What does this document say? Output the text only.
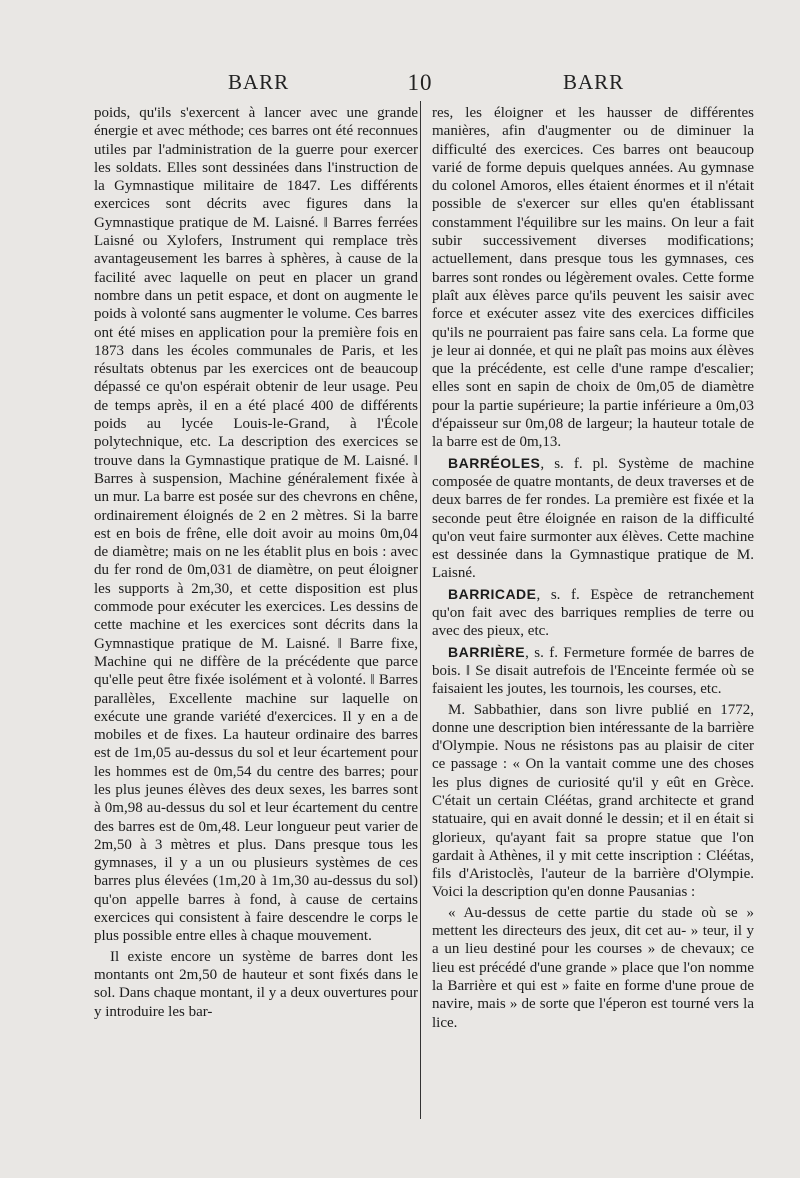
BARR	10	BARR

poids, qu'ils s'exercent à lancer avec une grande énergie et avec méthode; ces barres ont été reconnues utiles par l'administration de la guerre pour exercer les soldats. Elles sont dessinées dans l'instruction de la Gymnastique militaire de 1847. Les différents exercices sont décrits avec figures dans la Gymnastique pratique de M. Laisné. ‖ Barres ferrées Laisné ou Xylofers, Instrument qui remplace très avantageusement les barres à sphères, à cause de la facilité avec laquelle on peut en placer un grand nombre dans un petit espace, et dont on augmente le poids à volonté sans augmenter le volume. Ces barres ont été mises en application pour la première fois en 1873 dans les écoles communales de Paris, et les résultats obtenus par les exercices ont de beaucoup dépassé ce qu'on espérait obtenir de leur usage. Peu de temps après, il en a été placé 400 de différents poids au lycée Louis-le-Grand, à l'École polytechnique, etc. La description des exercices se trouve dans la Gymnastique pratique de M. Laisné. ‖ Barres à suspension, Machine généralement fixée à un mur. La barre est posée sur des chevrons en chêne, ordinairement éloignés de 2 en 2 mètres. Si la barre est en bois de frêne, elle doit avoir au moins 0m,04 de diamètre; mais on ne les établit plus en bois : avec du fer rond de 0m,031 de diamètre, on peut éloigner les supports à 2m,30, et cette disposition est plus commode pour exécuter les exercices. Les dessins de cette machine et les exercices sont décrits dans la Gymnastique pratique de M. Laisné. ‖ Barre fixe, Machine qui ne diffère de la précédente que parce qu'elle peut être fixée isolément et à volonté. ‖ Barres parallèles, Excellente machine sur laquelle on exécute une grande variété d'exercices. Il y en a de mobiles et de fixes. La hauteur ordinaire des barres est de 1m,05 au-dessus du sol et leur écartement pour les hommes est de 0m,54 du centre des barres; pour les plus jeunes élèves des deux sexes, les barres sont à 0m,98 au-dessus du sol et leur écartement du centre des barres est de 0m,48. Leur longueur peut varier de 2m,50 à 3 mètres et plus. Dans presque tous les gymnases, il y a un ou plusieurs systèmes de ces barres plus élevées (1m,20 à 1m,30 au-dessus du sol) qu'on appelle barres à fond, à cause de certains exercices qui consistent à faire descendre le corps le plus possible entre elles à chaque mouvement.

Il existe encore un système de barres dont les montants ont 2m,50 de hauteur et sont fixés dans le sol. Dans chaque montant, il y a deux ouvertures pour y introduire les bar-

res, les éloigner et les hausser de différentes manières, afin d'augmenter ou de diminuer la difficulté des exercices. Ces barres ont beaucoup varié de forme depuis quelques années. Au gymnase du colonel Amoros, elles étaient énormes et il n'était possible de s'exercer sur elles qu'en établissant constamment l'équilibre sur les mains. On leur a fait subir successivement diverses modifications; actuellement, dans presque tous les gymnases, ces barres sont rondes ou légèrement ovales. Cette forme plaît aux élèves parce qu'ils peuvent les saisir avec force et exécuter assez vite des exercices difficiles qu'ils ne pourraient pas faire sans cela. La forme que je leur ai donnée, et qui ne plaît pas moins aux élèves que la précédente, est celle d'une rampe d'escalier; elles sont en sapin de choix de 0m,05 de diamètre pour la partie supérieure; la partie inférieure a 0m,03 d'épaisseur sur 0m,08 de largeur; la hauteur totale de la barre est de 0m,13.

BARRÉOLES, s. f. pl. Système de machine composée de quatre montants, de deux traverses et de deux barres de fer rondes. La première est fixée et la seconde peut être éloignée en raison de la difficulté qu'on veut faire surmonter aux élèves. Cette machine est dessinée dans la Gymnastique pratique de M. Laisné.

BARRICADE, s. f. Espèce de retranchement qu'on fait avec des barriques remplies de terre ou avec des pieux, etc.

BARRIÈRE, s. f. Fermeture formée de barres de bois. ‖ Se disait autrefois de l'Enceinte fermée où se faisaient les joutes, les tournois, les courses, etc.

M. Sabbathier, dans son livre publié en 1772, donne une description bien intéressante de la barrière d'Olympie. Nous ne résistons pas au plaisir de citer ce passage : « On la vantait comme une des choses les plus dignes de curiosité qu'il y eût en Grèce. C'était un certain Cléétas, grand architecte et grand statuaire, qui en avait donné le dessin; et il en était si glorieux, qu'ayant fait sa propre statue que l'on gardait à Athènes, il y mit cette inscription : Cléétas, fils d'Aristoclès, l'auteur de la barrière d'Olympie. Voici la description qu'en donne Pausanias :

« Au-dessus de cette partie du stade où se » mettent les directeurs des jeux, dit cet au- » teur, il y a un lieu destiné pour les courses » de chevaux; ce lieu est précédé d'une grande » place que l'on nomme la Barrière et qui est » faite en forme d'une proue de navire, mais » de sorte que l'éperon est tourné vers la lice.
